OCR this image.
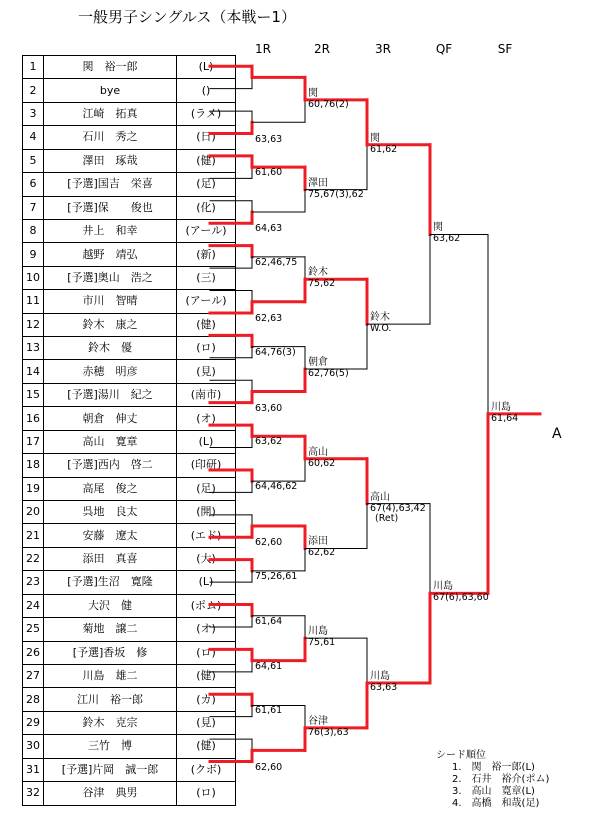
一般男子シングルス（本戦ー1）
1R	2R	3R	QF	SF
1	関　裕一郎	(L)
2	bye	()
3	江崎　拓真	(ラメ)
4	石川　秀之	(日)
5	澤田　琢哉	(健)
6	[予選]国吉　栄喜	(足)
7	[予選]保　　俊也	(化)
8	井上　和幸	(アール)
9	越野　靖弘	(新)
10	[予選]奥山　浩之	(三)
11	市川　智晴	(アール)
12	鈴木　康之	(健)
13	鈴木　優	(ロ)
14	赤穂　明彦	(見)
15	[予選]湯川　紀之	(南市)
16	朝倉　伸丈	(オ)
17	高山　寛章	(L)
18	[予選]西内　啓二	(印研)
19	高尾　俊之	(足)
20	呉地　良太	(開)
21	安藤　遼太	(エド)
22	添田　真喜	(大)
23	[予選]生沼　寛隆	(L)
24	大沢　健	(ポム)
25	菊地　譲二	(オ)
26	[予選]香坂　修	(ロ)
27	川島　雄二	(健)
28	江川　裕一郎	(カ)
29	鈴木　克宗	(見)
30	三竹　博	(健)
31	[予選]片岡　誠一郎	(クボ)
32	谷津　典男	(ロ)
63,63
61,60
64,63
62,46,75
62,63
64,76(3)
63,60
63,62
64,46,62
62,60
75,26,61
61,64
64,61
61,61
62,60
関
60,76(2)
澤田
75,67(3),62
鈴木
75,62
朝倉
62,76(5)
高山
60,62
添田
62,62
川島
75,61
谷津
76(3),63
関
61,62
鈴木
W.O.
高山
67(4),63,42
(Ret)
川島
63,63
関
63,62
川島
67(6),63,60
川島
61,64
A
シード順位
1.　関　裕一郎(L)
2.　石井　裕介(ポム)
3.　高山　寛章(L)
4.　高橋　和哉(足)
